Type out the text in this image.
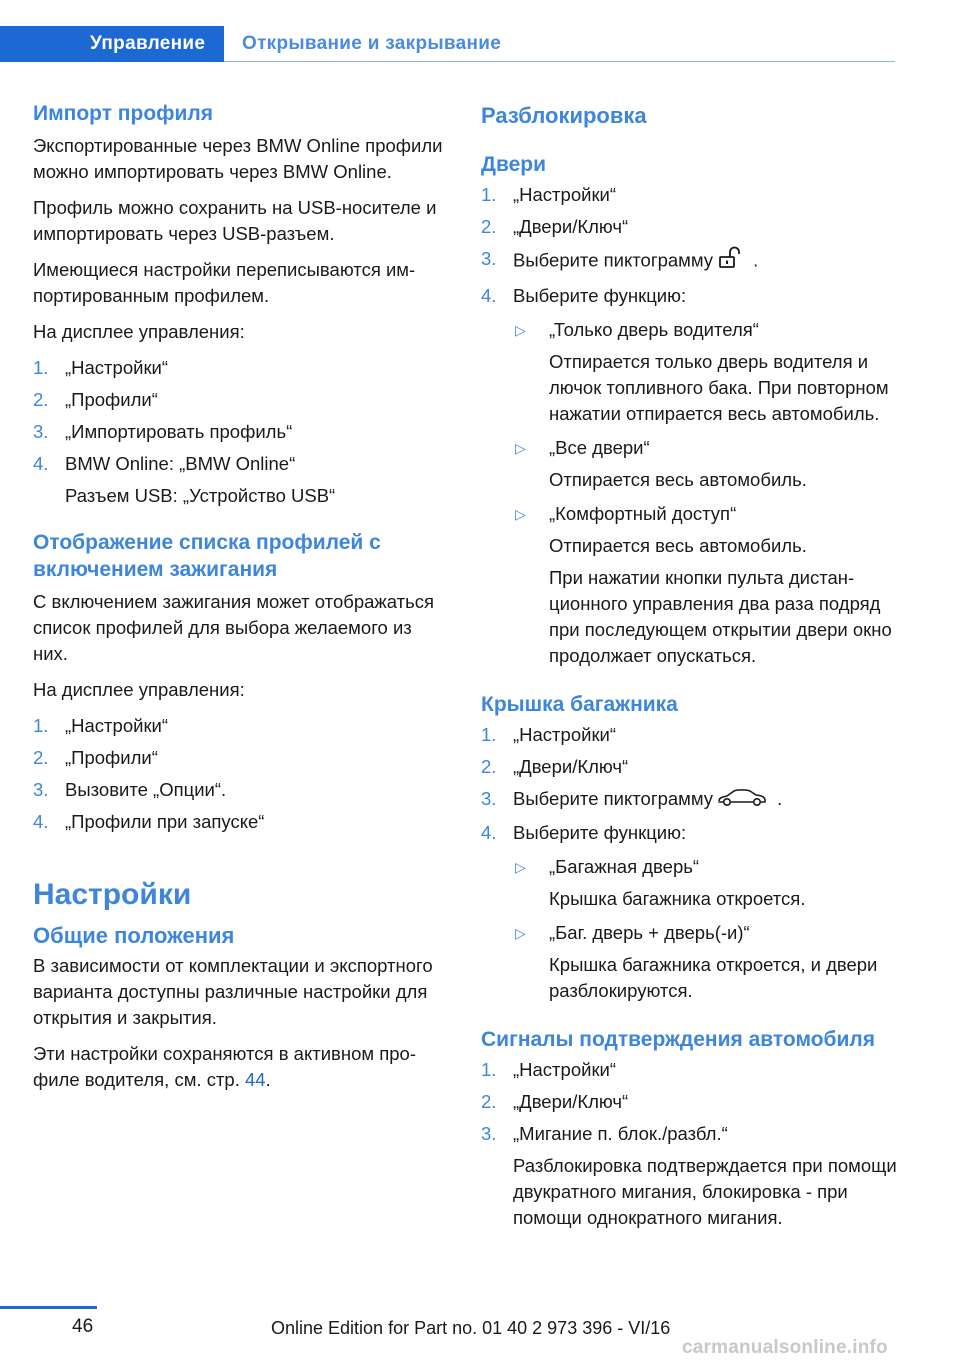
Управление Открывание и закрывание
Импорт профиля

Экспортированные через BMW Online профили можно импортировать через BMW Online.

Профиль можно сохранить на USB-носителе и импортировать через USB-разъем.

Имеющиеся настройки переписываются импортированным профилем.

На дисплее управления:

1. „Настройки“
2. „Профили“
3. „Импортировать профиль“
4. BMW Online: „BMW Online“
Разъем USB: „Устройство USB“
Отображение списка профилей с включением зажигания

С включением зажигания может отображаться список профилей для выбора желаемого из них.

На дисплее управления:

1. „Настройки“
2. „Профили“
3. Вызовите „Опции“.
4. „Профили при запуске“
Настройки
Общие положения

В зависимости от комплектации и экспортного варианта доступны различные настройки для открытия и закрытия.

Эти настройки сохраняются в активном профиле водителя, см. стр. 44.

Разблокировка
Двери
1. „Настройки“
2. „Двери/Ключ“
3. Выберите пиктограмму .
4. Выберите функцию:
▷ „Только дверь водителя“
Отпирается только дверь водителя и лючок топливного бака. При повторном нажатии отпирается весь автомобиль.
▷ „Все двери“
Отпирается весь автомобиль.
▷ „Комфортный доступ“
Отпирается весь автомобиль.
При нажатии кнопки пульта дистанционного управления два раза подряд при последующем открытии двери окно продолжает опускаться.
Крышка багажника
1. „Настройки“
2. „Двери/Ключ“
3. Выберите пиктограмму	.
4. Выберите функцию:
▷ „Багажная дверь“
Крышка багажника откроется.
▷ „Баг. дверь + дверь(-и)“
Крышка багажника откроется, и двери разблокируются.
Сигналы подтверждения автомобиля
1. „Настройки“
2. „Двери/Ключ“
3. „Мигание п. блок./разбл.“
Разблокировка подтверждается при помощи двукратного мигания, блокировка - при помощи однократного мигания.
46	Online Edition for Part no. 01 40 2 973 396 - VI/16
carmanualsonline.info
